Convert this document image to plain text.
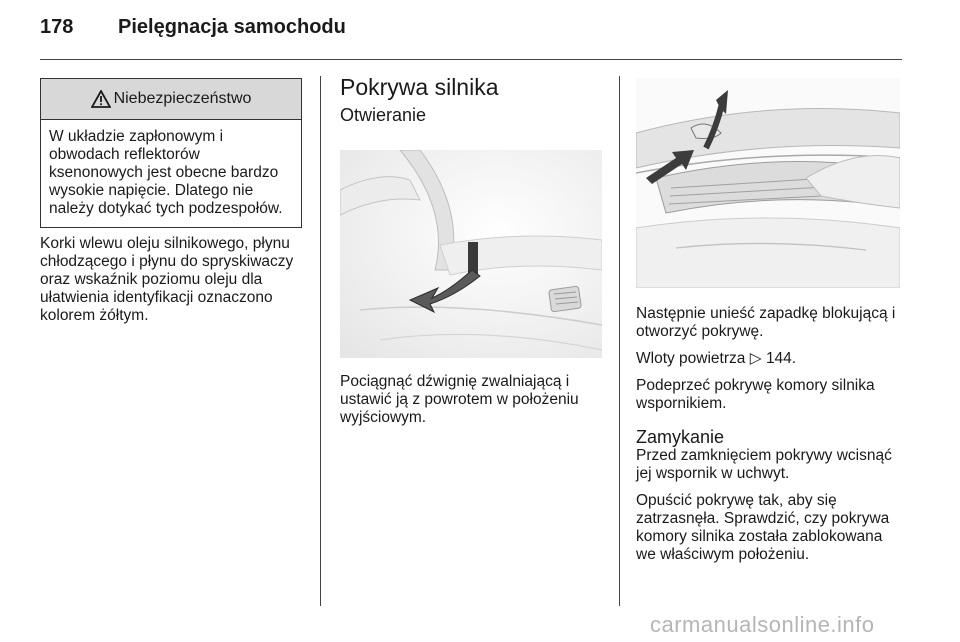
178 Pielęgnacja samochodu
Niebezpieczeństwo
W układzie zapłonowym i obwodach reflektorów ksenonowych jest obecne bardzo wysokie napięcie. Dlatego nie należy dotykać tych podzespołów.
Korki wlewu oleju silnikowego, płynu chłodzącego i płynu do spryskiwaczy oraz wskaźnik poziomu oleju dla ułatwienia identyfikacji oznaczono kolorem żółtym.
Pokrywa silnika
Otwieranie
Pociągnąć dźwignię zwalniającą i ustawić ją z powrotem w położeniu wyjściowym.

Następnie unieść zapadkę blokującą i otworzyć pokrywę.

Wloty powietrza ▷ 144.

Podeprzeć pokrywę komory silnika wspornikiem.

Zamykanie

Przed zamknięciem pokrywy wcisnąć jej wspornik w uchwyt.

Opuścić pokrywę tak, aby się zatrzasnęła. Sprawdzić, czy pokrywa komory silnika została zablokowana we właściwym położeniu.

carmanualsonline.info
